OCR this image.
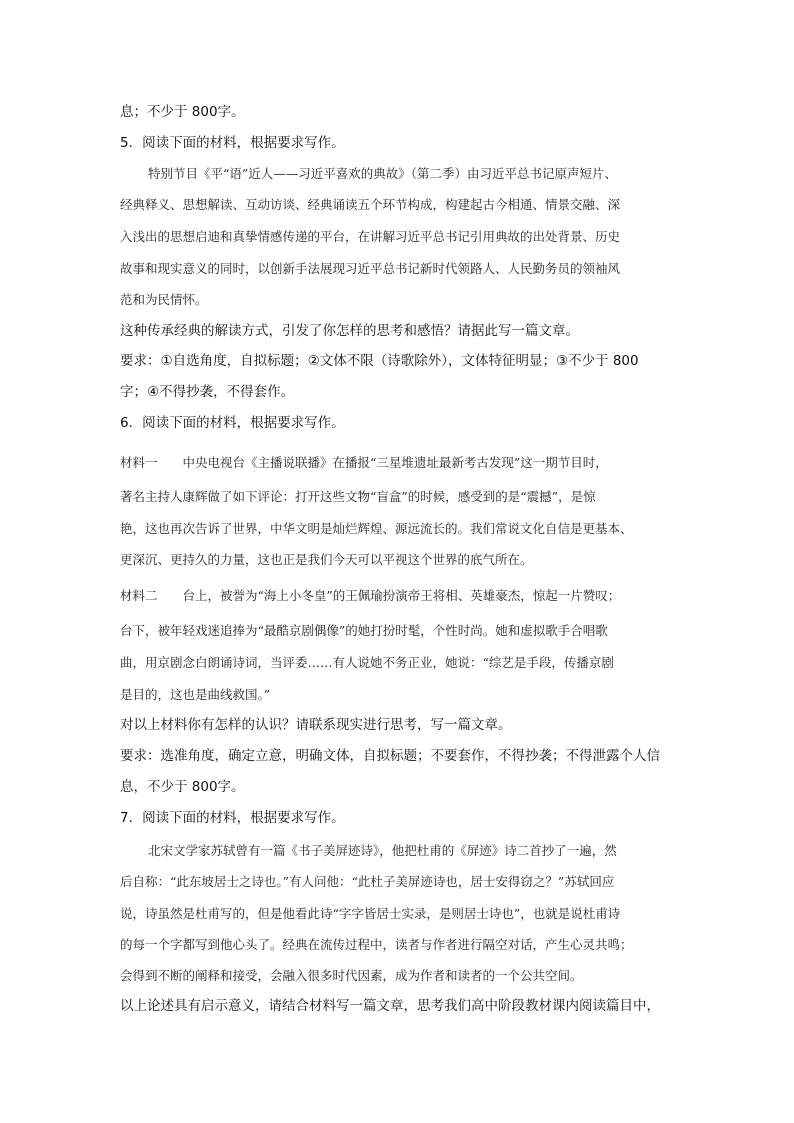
息；不少于 800字。

5．阅读下面的材料，根据要求写作。

特别节目《平“语”近人——习近平喜欢的典故》（第二季）由习近平总书记原声短片、

经典释义、思想解读、互动访谈、经典诵读五个环节构成，构建起古今相通、情景交融、深

入浅出的思想启迪和真挚情感传递的平台，在讲解习近平总书记引用典故的出处背景、历史

故事和现实意义的同时，以创新手法展现习近平总书记新时代领路人、人民勤务员的领袖风

范和为民情怀。

这种传承经典的解读方式，引发了你怎样的思考和感悟？请据此写一篇文章。

要求：①自选角度，自拟标题；②文体不限（诗歌除外），文体特征明显；③不少于 800

字；④不得抄袭，不得套作。

6．阅读下面的材料，根据要求写作。

材料一　　中央电视台《主播说联播》在播报“三星堆遗址最新考古发现”这一期节目时，

著名主持人康辉做了如下评论：打开这些文物“盲盒”的时候，感受到的是“震撼”，是惊

艳，这也再次告诉了世界，中华文明是灿烂辉煌、源远流长的。我们常说文化自信是更基本、

更深沉、更持久的力量，这也正是我们今天可以平视这个世界的底气所在。

材料二　　台上，被誉为“海上小冬皇”的王佩瑜扮演帝王将相、英雄豪杰，惊起一片赞叹；

台下，被年轻戏迷追捧为“最酷京剧偶像”的她打扮时髦，个性时尚。她和虚拟歌手合唱歌

曲，用京剧念白朗诵诗词，当评委……有人说她不务正业，她说：“综艺是手段，传播京剧

是目的，这也是曲线救国。”

对以上材料你有怎样的认识？请联系现实进行思考，写一篇文章。

要求：选准角度，确定立意，明确文体，自拟标题；不要套作，不得抄袭；不得泄露个人信

息，不少于 800字。

7．阅读下面的材料，根据要求写作。

北宋文学家苏轼曾有一篇《书子美屏迹诗》，他把杜甫的《屏迹》诗二首抄了一遍，然

后自称：“此东坡居士之诗也。”有人问他：“此杜子美屏迹诗也，居士安得窃之？”苏轼回应

说，诗虽然是杜甫写的，但是他看此诗“字字皆居士实录，是则居士诗也”，也就是说杜甫诗

的每一个字都写到他心头了。经典在流传过程中，读者与作者进行隔空对话，产生心灵共鸣；

会得到不断的阐释和接受，会融入很多时代因素，成为作者和读者的一个公共空间。

以上论述具有启示意义，请结合材料写一篇文章，思考我们高中阶段教材课内阅读篇目中，
